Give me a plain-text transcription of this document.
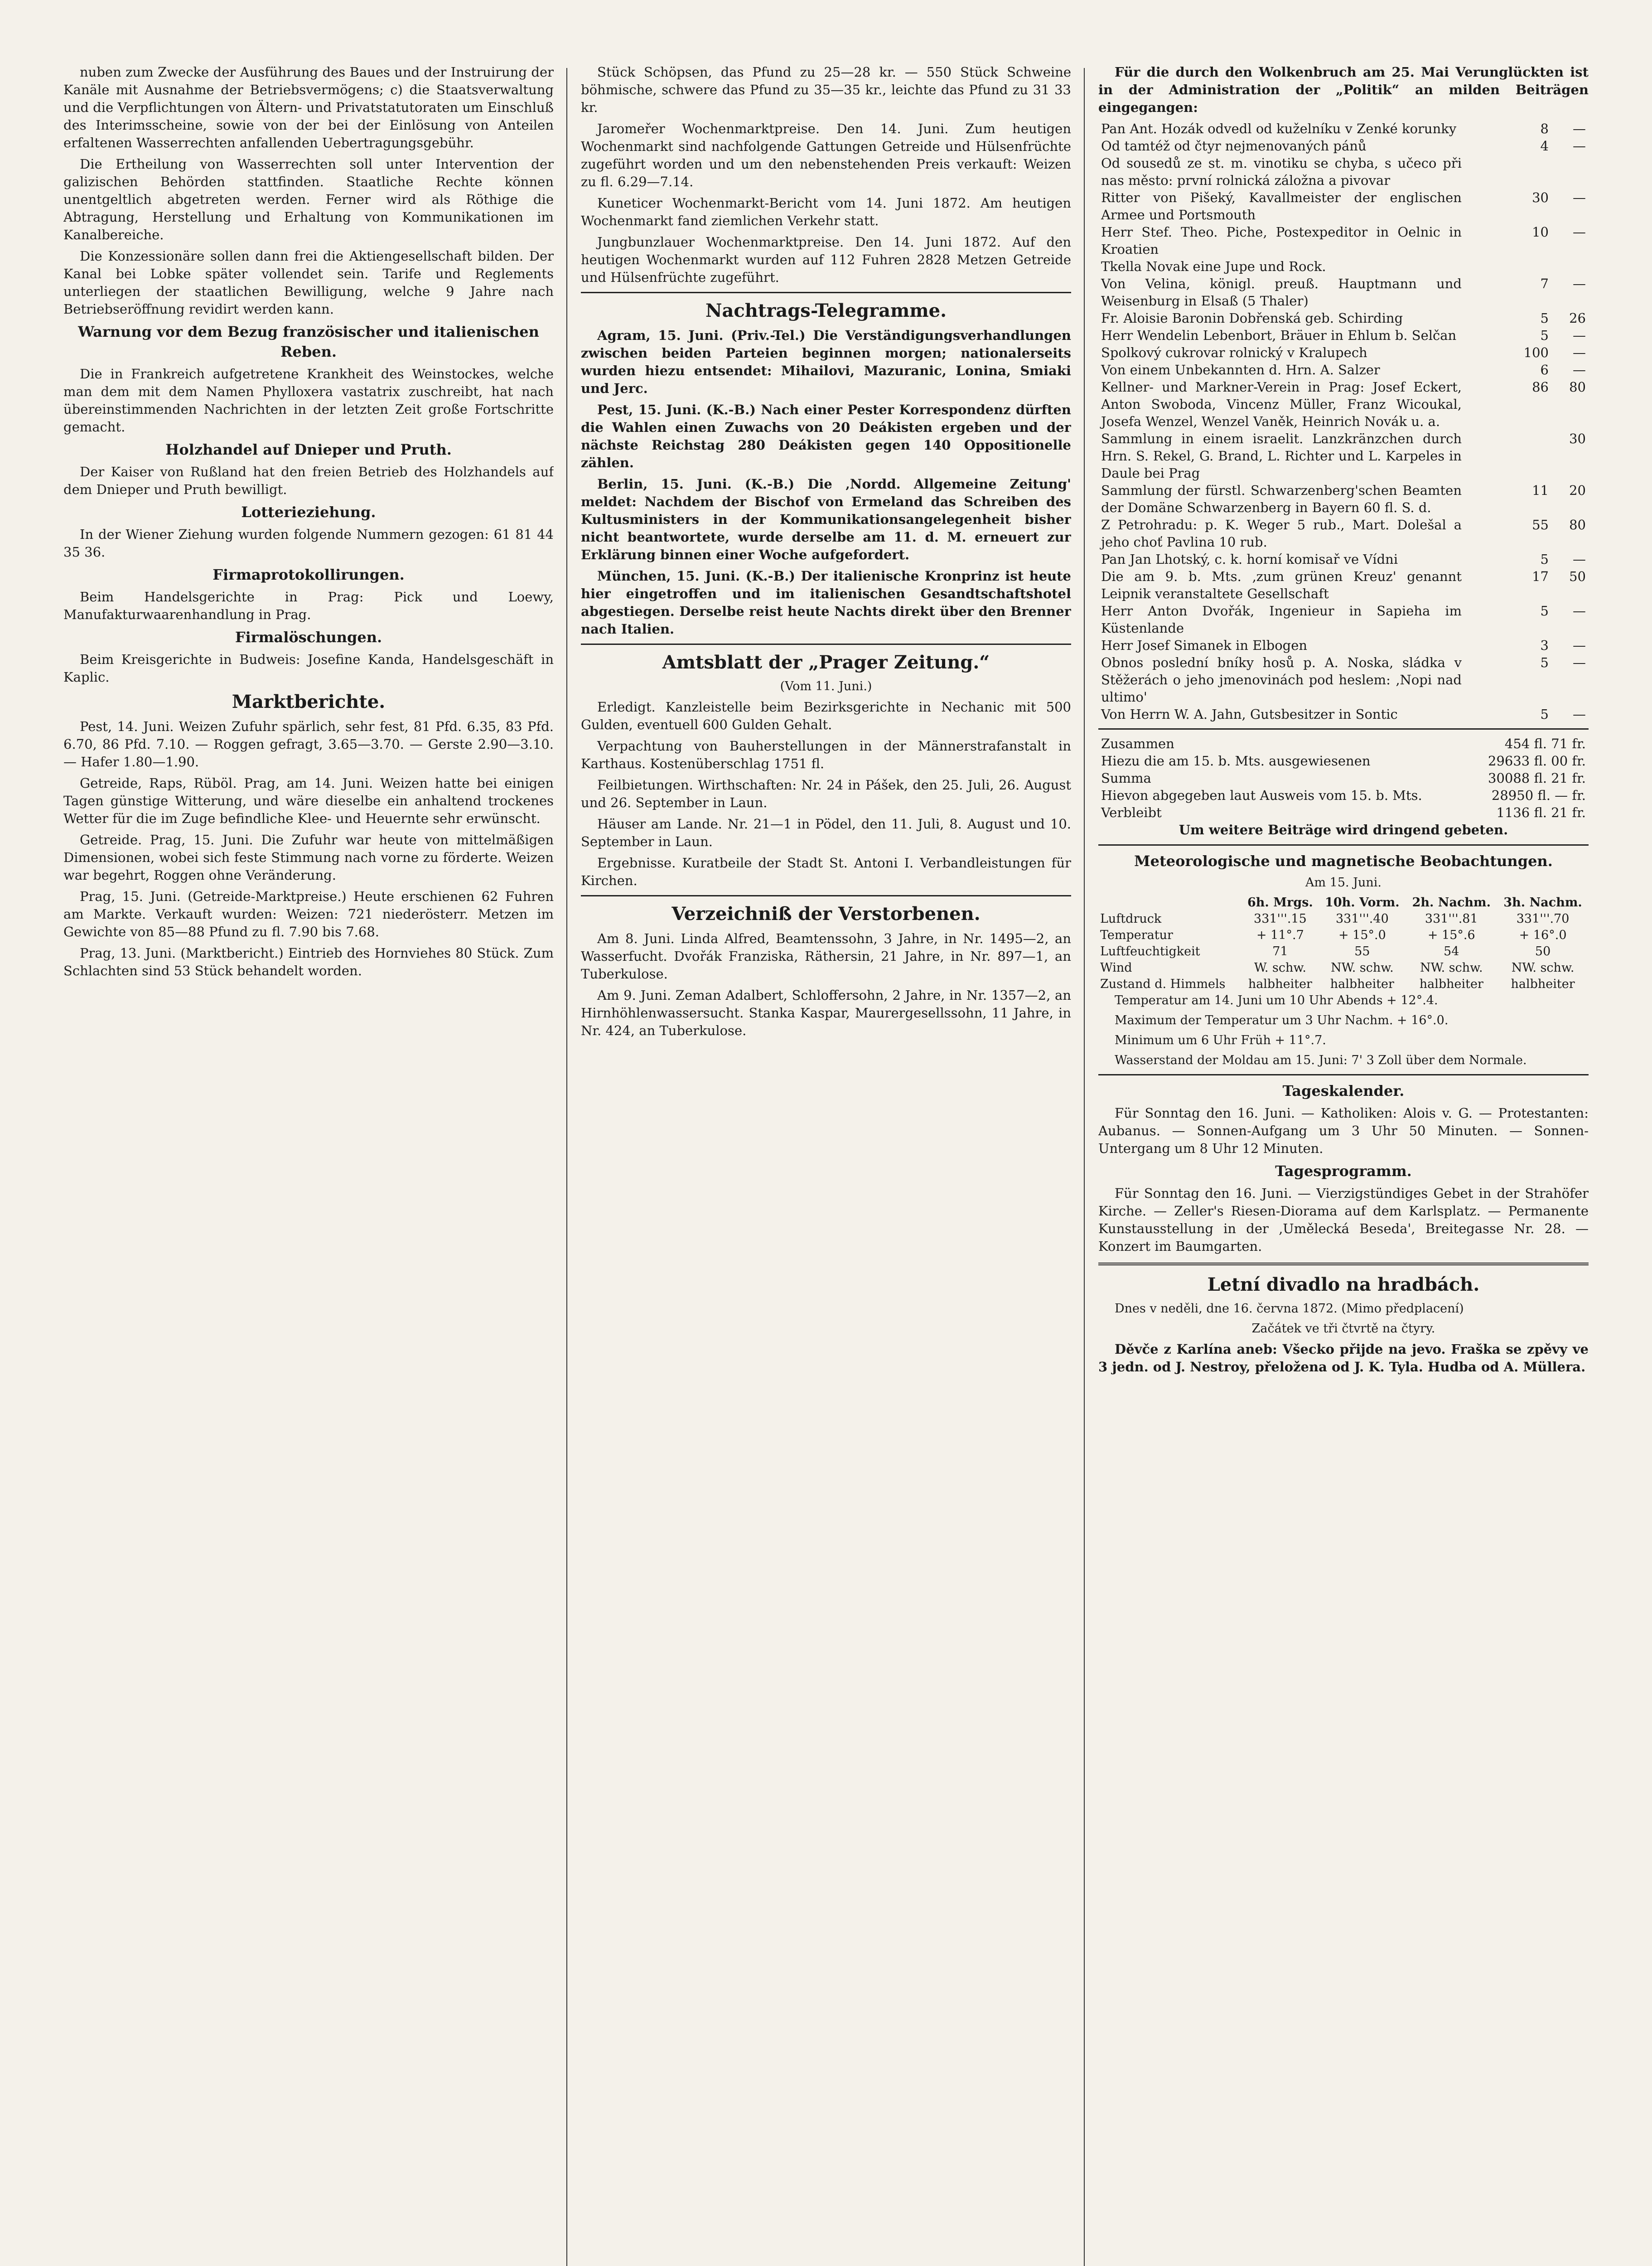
nuben zum Zwecke der Ausführung des Baues und der Instruirung der Kanäle mit Ausnahme der Betriebsvermögens; c) die Staatsverwaltung und die Verpflichtungen von Ältern- und Privatstatutoraten um Einschluß des Interimsscheine, sowie von der bei der Einlösung von Anteilen erfaltenen Wasserrechten anfallenden Uebertragungsgebühr.

Die Ertheilung von Wasserrechten soll unter Intervention der galizischen Behörden stattfinden. Staatliche Rechte können unentgeltlich abgetreten werden. Ferner wird als Röthige die Abtragung, Herstellung und Erhaltung von Kommunikationen im Kanalbereiche.

Die Konzessionäre sollen dann frei die Aktiengesellschaft bilden. Der Kanal bei Lobke später vollendet sein. Tarife und Reglements unterliegen der staatlichen Bewilligung, welche 9 Jahre nach Betriebseröffnung revidirt werden kann.

Warnung vor dem Bezug französischer und italienischen Reben.

Die in Frankreich aufgetretene Krankheit des Weinstockes, welche man dem mit dem Namen Phylloxera vastatrix zuschreibt, hat nach übereinstimmenden Nachrichten in der letzten Zeit große Fortschritte gemacht.

Holzhandel auf Dnieper und Pruth.

Der Kaiser von Rußland hat den freien Betrieb des Holzhandels auf dem Dnieper und Pruth bewilligt.

Lotterieziehung.

In der Wiener Ziehung wurden folgende Nummern gezogen: 61 81 44 35 36.

Firmaprotokollirungen.

Beim Handelsgerichte in Prag: Pick und Loewy, Manufakturwaarenhandlung in Prag.

Firmalöschungen.

Beim Kreisgerichte in Budweis: Josefine Kanda, Handelsgeschäft in Kaplic.

Marktberichte.

Pest, 14. Juni. Weizen Zufuhr spärlich, sehr fest, 81 Pfd. 6.35, 83 Pfd. 6.70, 86 Pfd. 7.10. — Roggen gefragt, 3.65—3.70. — Gerste 2.90—3.10. — Hafer 1.80—1.90.

Getreide, Raps, Rüböl. Prag, am 14. Juni. Weizen hatte bei einigen Tagen günstige Witterung, und wäre dieselbe ein anhaltend trockenes Wetter für die im Zuge befindliche Klee- und Heuernte sehr erwünscht.

Getreide. Prag, 15. Juni. Die Zufuhr war heute von mittelmäßigen Dimensionen, wobei sich feste Stimmung nach vorne zu förderte. Weizen war begehrt, Roggen ohne Veränderung.

Prag, 15. Juni. (Getreide-Marktpreise.) Heute erschienen 62 Fuhren am Markte. Verkauft wurden: Weizen: 721 niederösterr. Metzen im Gewichte von 85—88 Pfund zu fl. 7.90 bis 7.68.

Prag, 13. Juni. (Marktbericht.) Eintrieb des Hornviehes 80 Stück. Zum Schlachten sind 53 Stück behandelt worden.

Stück Schöpsen, das Pfund zu 25—28 kr. — 550 Stück Schweine böhmische, schwere das Pfund zu 35—35 kr., leichte das Pfund zu 31 33 kr.

Jaromeřer Wochenmarktpreise. Den 14. Juni. Zum heutigen Wochenmarkt sind nachfolgende Gattungen Getreide und Hülsenfrüchte zugeführt worden und um den nebenstehenden Preis verkauft: Weizen zu fl. 6.29—7.14.

Kuneticer Wochenmarkt-Bericht vom 14. Juni 1872. Am heutigen Wochenmarkt fand ziemlichen Verkehr statt.

Jungbunzlauer Wochenmarktpreise. Den 14. Juni 1872. Auf den heutigen Wochenmarkt wurden auf 112 Fuhren 2828 Metzen Getreide und Hülsenfrüchte zugeführt.

Nachtrags-Telegramme.

Agram, 15. Juni. (Priv.-Tel.) Die Verständigungsverhandlungen zwischen beiden Parteien beginnen morgen; nationalerseits wurden hiezu entsendet: Mihailovi, Mazuranic, Lonina, Smiaki und Jerc.

Pest, 15. Juni. (K.-B.) Nach einer Pester Korrespondenz dürften die Wahlen einen Zuwachs von 20 Deákisten ergeben und der nächste Reichstag 280 Deákisten gegen 140 Oppositionelle zählen.

Berlin, 15. Juni. (K.-B.) Die ‚Nordd. Allgemeine Zeitung' meldet: Nachdem der Bischof von Ermeland das Schreiben des Kultusministers in der Kommunikationsangelegenheit bisher nicht beantwortete, wurde derselbe am 11. d. M. erneuert zur Erklärung binnen einer Woche aufgefordert.

München, 15. Juni. (K.-B.) Der italienische Kronprinz ist heute hier eingetroffen und im italienischen Gesandtschaftshotel abgestiegen. Derselbe reist heute Nachts direkt über den Brenner nach Italien.

Amtsblatt der „Prager Zeitung.“

(Vom 11. Juni.)

Erledigt. Kanzleistelle beim Bezirksgerichte in Nechanic mit 500 Gulden, eventuell 600 Gulden Gehalt.

Verpachtung von Bauherstellungen in der Männerstrafanstalt in Karthaus. Kostenüberschlag 1751 fl.

Feilbietungen. Wirthschaften: Nr. 24 in Pášek, den 25. Juli, 26. August und 26. September in Laun.

Häuser am Lande. Nr. 21—1 in Pödel, den 11. Juli, 8. August und 10. September in Laun.

Ergebnisse. Kuratbeile der Stadt St. Antoni I. Verbandleistungen für Kirchen.

Verzeichniß der Verstorbenen.

Am 8. Juni. Linda Alfred, Beamtenssohn, 3 Jahre, in Nr. 1495—2, an Wasserfucht. Dvořák Franziska, Räthersin, 21 Jahre, in Nr. 897—1, an Tuberkulose.

Am 9. Juni. Zeman Adalbert, Schloffersohn, 2 Jahre, in Nr. 1357—2, an Hirnhöhlenwassersucht. Stanka Kaspar, Maurergesellssohn, 11 Jahre, in Nr. 424, an Tuberkulose.

Für die durch den Wolkenbruch am 25. Mai Verunglückten ist in der Administration der „Politik“ an milden Beiträgen eingegangen:

Pan Ant. Hozák odvedl od kuželníku v Zenké korunky	8	—
Od tamtéž od čtyr nejmenovaných pánů	4	—
Od sousedů ze st. m. vinotiku se chyba, s učeco při nas město: první rolnická záložna a pivovar		
Ritter von Pišeký, Kavallmeister der englischen Armee und Portsmouth	30	—
Herr Stef. Theo. Piche, Postexpeditor in Oelnic in Kroatien	10	—
Tkella Novak eine Jupe und Rock.		
Von Velina, königl. preuß. Hauptmann und Weisenburg in Elsaß (5 Thaler)	7	—
Fr. Aloisie Baronin Dobřenská geb. Schirding	5	26
Herr Wendelin Lebenbort, Bräuer in Ehlum b. Selčan	5	—
Spolkový cukrovar rolnický v Kralupech	100	—
Von einem Unbekannten d. Hrn. A. Salzer	6	—
Kellner- und Markner-Verein in Prag: Josef Eckert, Anton Swoboda, Vincenz Müller, Franz Wicoukal, Josefa Wenzel, Wenzel Vaněk, Heinrich Novák u. a.	86	80
Sammlung in einem israelit. Lanzkränzchen durch Hrn. S. Rekel, G. Brand, L. Richter und L. Karpeles in Daule bei Prag		30
Sammlung der fürstl. Schwarzenberg'schen Beamten der Domäne Schwarzenberg in Bayern 60 fl. S. d.	11	20
Z Petrohradu: p. K. Weger 5 rub., Mart. Dolešal a jeho choť Pavlina 10 rub.	55	80
Pan Jan Lhotský, c. k. horní komisař ve Vídni	5	—
Die am 9. b. Mts. ‚zum grünen Kreuz' genannt Leipnik veranstaltete Gesellschaft	17	50
Herr Anton Dvořák, Ingenieur in Sapieha im Küstenlande	5	—
Herr Josef Simanek in Elbogen	3	—
Obnos poslední bníky hosů p. A. Noska, sládka v Stěžerách o jeho jmenovinách pod heslem: ‚Nopi nad ultimo'	5	—
Von Herrn W. A. Jahn, Gutsbesitzer in Sontic	5	—
Zusammen	454 fl. 71 fr.
Hiezu die am 15. b. Mts. ausgewiesenen	29633 fl. 00 fr.
Summa	30088 fl. 21 fr.
Hievon abgegeben laut Ausweis vom 15. b. Mts.	28950 fl. — fr.
Verbleibt	1136 fl. 21 fr.

Um weitere Beiträge wird dringend gebeten.

Meteorologische und magnetische Beobachtungen.

Am 15. Juni.

	6h. Mrgs.	10h. Vorm.	2h. Nachm.	3h. Nachm.
Luftdruck	331'''.15	331'''.40	331'''.81	331'''.70
Temperatur	+ 11°.7	+ 15°.0	+ 15°.6	+ 16°.0
Luftfeuchtigkeit	71	55	54	50
Wind	W. schw.	NW. schw.	NW. schw.	NW. schw.
Zustand d. Himmels	halbheiter	halbheiter	halbheiter	halbheiter

Temperatur am 14. Juni um 10 Uhr Abends + 12°.4.

Maximum der Temperatur um 3 Uhr Nachm. + 16°.0.

Minimum um 6 Uhr Früh + 11°.7.

Wasserstand der Moldau am 15. Juni: 7' 3 Zoll über dem Normale.

Tageskalender.

Für Sonntag den 16. Juni. — Katholiken: Alois v. G. — Protestanten: Aubanus. — Sonnen-Aufgang um 3 Uhr 50 Minuten. — Sonnen-Untergang um 8 Uhr 12 Minuten.

Tagesprogramm.

Für Sonntag den 16. Juni. — Vierzigstündiges Gebet in der Strahöfer Kirche. — Zeller's Riesen-Diorama auf dem Karlsplatz. — Permanente Kunstausstellung in der ‚Umělecká Beseda', Breitegasse Nr. 28. — Konzert im Baumgarten.

Letní divadlo na hradbách.

Dnes v neděli, dne 16. června 1872. (Mimo předplacení)

Začátek ve tři čtvrtě na čtyry.

Děvče z Karlína aneb: Všecko přijde na jevo. Fraška se zpěvy ve 3 jedn. od J. Nestroy, přeložena od J. K. Tyla. Hudba od A. Müllera.
